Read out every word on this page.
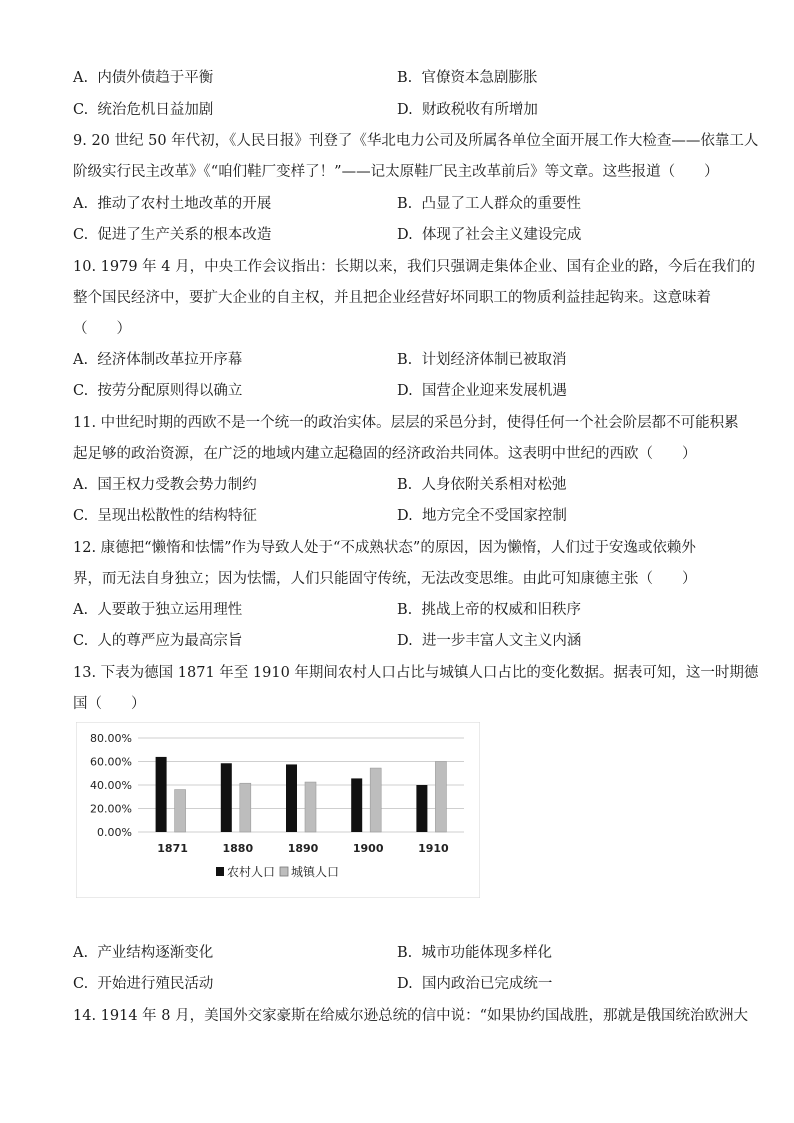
A. 内债外债趋于平衡	B. 官僚资本急剧膨胀
C. 统治危机日益加剧	D. 财政税收有所增加
9. 20 世纪 50 年代初，《人民日报》刊登了《华北电力公司及所属各单位全面开展工作大检查——依靠工人
阶级实行民主改革》《“咱们鞋厂变样了！”——记太原鞋厂民主改革前后》等文章。这些报道（　　）
A. 推动了农村土地改革的开展	B. 凸显了工人群众的重要性
C. 促进了生产关系的根本改造	D. 体现了社会主义建设完成
10. 1979 年 4 月，中央工作会议指出：长期以来，我们只强调走集体企业、国有企业的路，今后在我们的
整个国民经济中，要扩大企业的自主权，并且把企业经营好坏同职工的物质利益挂起钩来。这意味着
（　　）
A. 经济体制改革拉开序幕	B. 计划经济体制已被取消
C. 按劳分配原则得以确立	D. 国营企业迎来发展机遇
11. 中世纪时期的西欧不是一个统一的政治实体。层层的采邑分封，使得任何一个社会阶层都不可能积累
起足够的政治资源，在广泛的地域内建立起稳固的经济政治共同体。这表明中世纪的西欧（　　）
A. 国王权力受教会势力制约	B. 人身依附关系相对松弛
C. 呈现出松散性的结构特征	D. 地方完全不受国家控制
12. 康德把“懒惰和怯懦”作为导致人处于“不成熟状态”的原因，因为懒惰，人们过于安逸或依赖外
界，而无法自身独立；因为怯懦，人们只能固守传统，无法改变思维。由此可知康德主张（　　）
A. 人要敢于独立运用理性	B. 挑战上帝的权威和旧秩序
C. 人的尊严应为最高宗旨	D. 进一步丰富人文主义内涵
13. 下表为德国 1871 年至 1910 年期间农村人口占比与城镇人口占比的变化数据。据表可知，这一时期德
国（　　）
80.00%
60.00%
40.00%
20.00%
0.00%
1871	1880	1890	1900	1910
农村人口 城镇人口
A. 产业结构逐渐变化	B. 城市功能体现多样化
C. 开始进行殖民活动	D. 国内政治已完成统一
14. 1914 年 8 月，美国外交家豪斯在给威尔逊总统的信中说：“如果协约国战胜，那就是俄国统治欧洲大
